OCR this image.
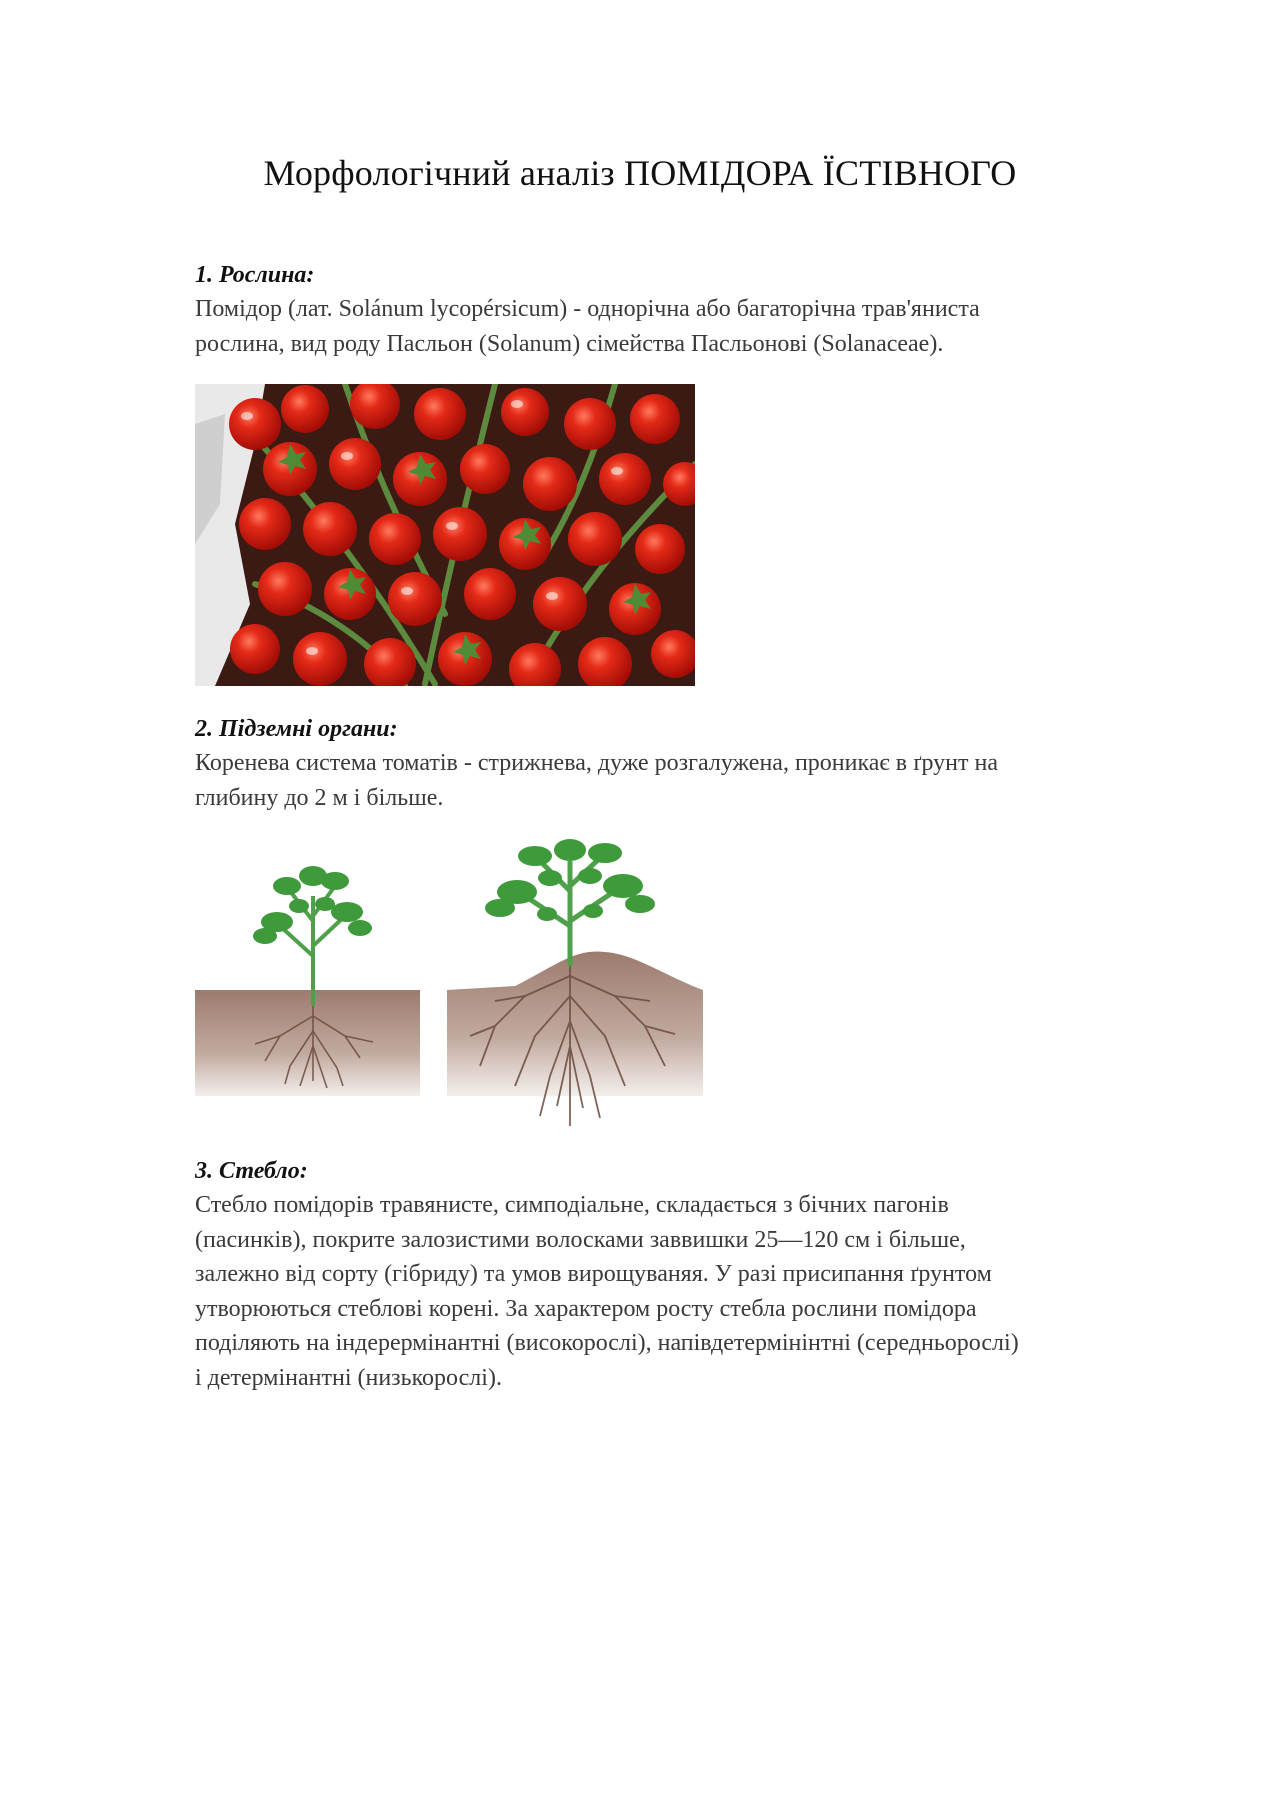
Морфологічний аналіз ПОМІДОРА ЇСТІВНОГО
1. Рослина:

Помідор (лат. Solánum lycopérsicum) - однорічна або багаторічна трав'яниста
рослина, вид роду Пасльон (Solanum) сімейства Пасльонові (Solanaceae).

2. Підземні органи:

Коренева система томатів - стрижнева, дуже розгалужена, проникає в ґрунт на
глибину до 2 м і більше.

3. Стебло:

Стебло помідорів травянисте, симподіальне, складається з бічних пагонів
(пасинків), покрите залозистими волосками заввишки 25—120 см і більше,
залежно від сорту (гібриду) та умов вирощуваняя. У разі присипання ґрунтом
утворюються стеблові корені. За характером росту стебла рослини помідора
поділяють на індерермінантні (високорослі), напівдетермінінтні (середньорослі)
і детермінантні (низькорослі).
